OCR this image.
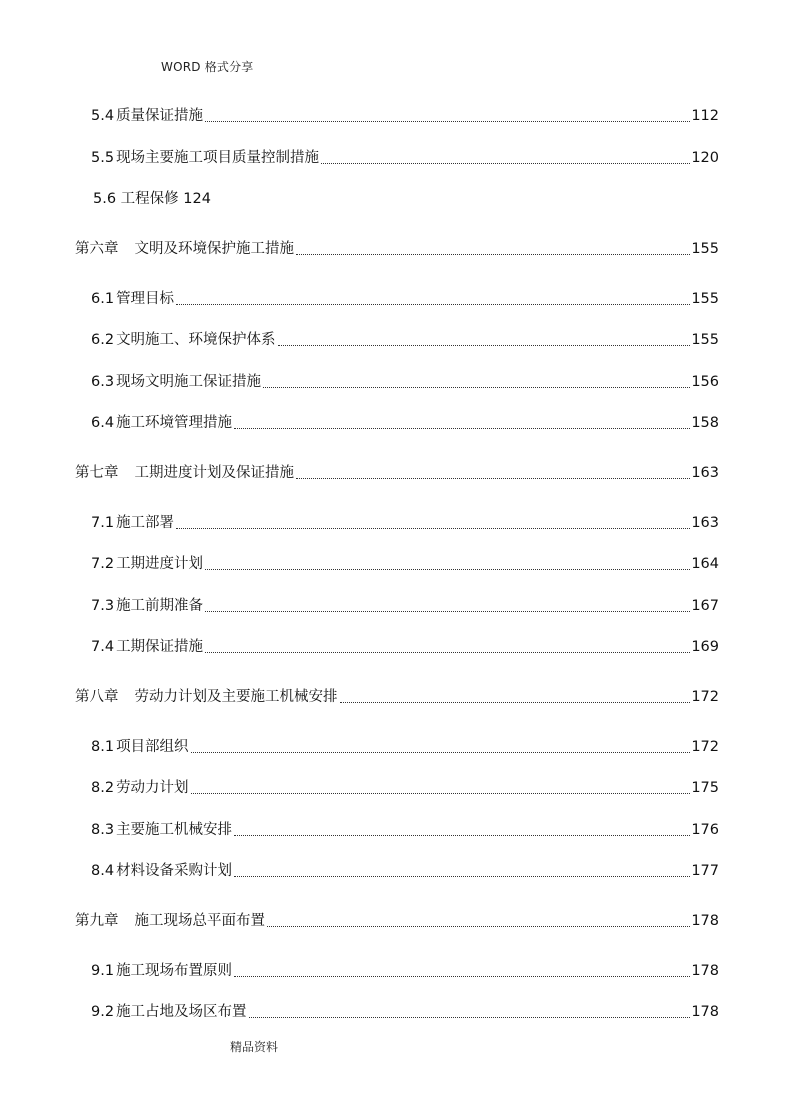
WORD 格式分享
5.4 质量保证措施	112
5.5 现场主要施工项目质量控制措施	120
5.6 工程保修 124
第六章 文明及环境保护施工措施	155
6.1 管理目标	155
6.2 文明施工、环境保护体系	155
6.3 现场文明施工保证措施	156
6.4 施工环境管理措施	158
第七章 工期进度计划及保证措施	163
7.1 施工部署	163
7.2 工期进度计划	164
7.3 施工前期准备	167
7.4 工期保证措施	169
第八章 劳动力计划及主要施工机械安排	172
8.1 项目部组织	172
8.2 劳动力计划	175
8.3 主要施工机械安排	176
8.4 材料设备采购计划	177
第九章 施工现场总平面布置	178
9.1 施工现场布置原则	178
9.2 施工占地及场区布置	178
精品资料
